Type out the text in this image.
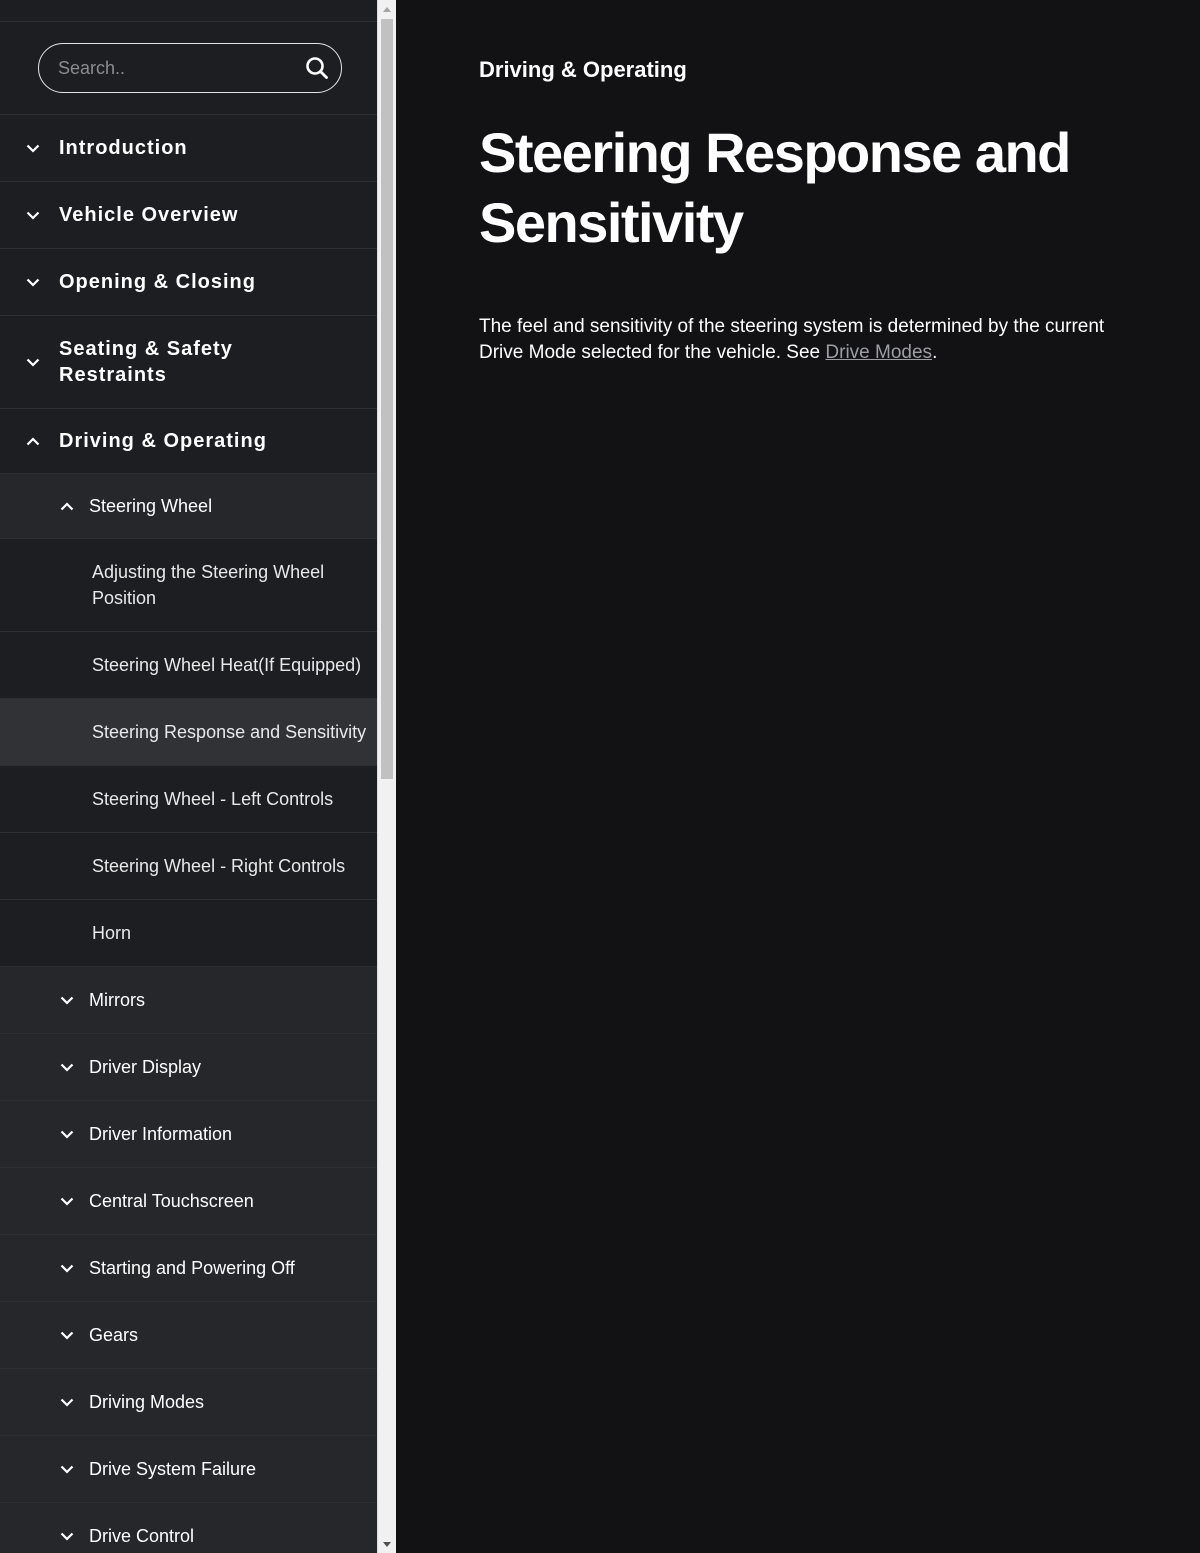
Search..
Introduction
Vehicle Overview
Opening & Closing
Seating & Safety Restraints
Driving & Operating
Steering Wheel
Adjusting the Steering Wheel Position
Steering Wheel Heat(If Equipped)
Steering Response and Sensitivity
Steering Wheel - Left Controls
Steering Wheel - Right Controls
Horn
Mirrors
Driver Display
Driver Information
Central Touchscreen
Starting and Powering Off
Gears
Driving Modes
Drive System Failure
Drive Control
Driving & Operating
Steering Response and Sensitivity

The feel and sensitivity of the steering system is determined by the current Drive Mode selected for the vehicle. See Drive Modes.
